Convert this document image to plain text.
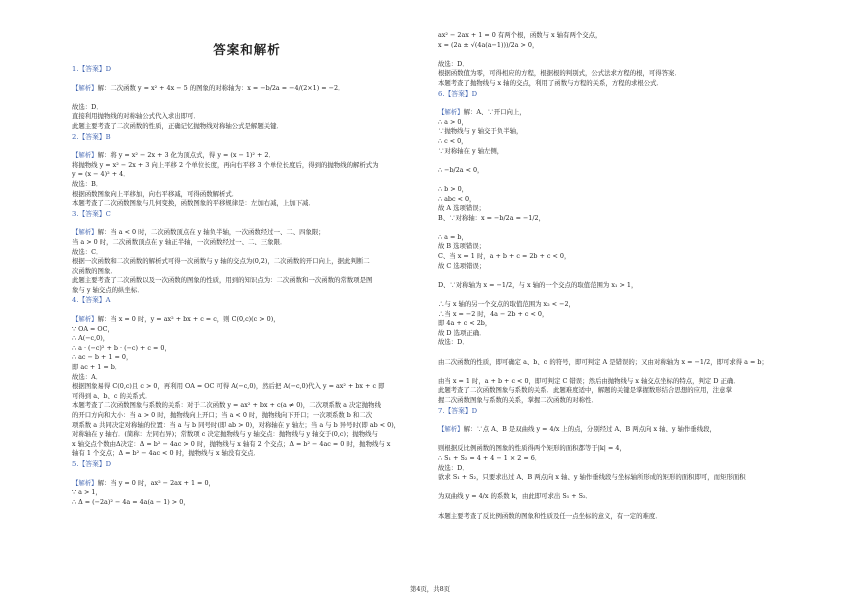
答案和解析
1.【答案】D
【解析】解：二次函数 y = x² + 4x − 5 的图象的对称轴为：x = −b/2a = −4/(2×1) = −2．
故选：D．
直接利用抛物线的对称轴公式代入求出即可．
此题主要考查了二次函数的性质，正确记忆抛物线对称轴公式是解题关键．
2.【答案】B
【解析】解：将 y = x² − 2x + 3 化为顶点式，得 y = (x − 1)² + 2．
将抛物线 y = x² − 2x + 3 向上平移 2 个单位长度，再向右平移 3 个单位长度后，得到的抛物线的解析式为
y = (x − 4)² + 4．
故选：B．
根据函数图象向上平移加，向右平移减，可得函数解析式．
本题考查了二次函数图象与几何变换，函数图象的平移规律是：左加右减，上加下减．
3.【答案】C
【解析】解：当 a < 0 时，二次函数顶点在 y 轴负半轴，一次函数经过一、二、四象限；
当 a > 0 时，二次函数顶点在 y 轴正半轴，一次函数经过一、二、三象限．
故选：C．
根据一次函数和二次函数的解析式可得一次函数与 y 轴的交点为(0,2)，二次函数的开口向上，据此判断二
次函数的图象．
此题主要考查了二次函数以及一次函数的图象的性质，用到的知识点为：二次函数和一次函数的常数项是图
象与 y 轴交点的纵坐标．
4.【答案】A
【解析】解：当 x = 0 时，y = ax² + bx + c = c，则 C(0,c)(c > 0)，
∵ OA = OC，
∴ A(−c,0)，
∴ a · (−c)² + b · (−c) + c = 0，
∴ ac − b + 1 = 0，
即 ac + 1 = b．
故选：A．
根据图象易得 C(0,c)且 c > 0，再利用 OA = OC 可得 A(−c,0)，然后把 A(−c,0)代入 y = ax² + bx + c 即
可得到 a、b、c 的关系式．
本题考查了二次函数图象与系数的关系：对于二次函数 y = ax² + bx + c(a ≠ 0)，二次项系数 a 决定抛物线
的开口方向和大小：当 a > 0 时，抛物线向上开口；当 a < 0 时，抛物线向下开口；一次项系数 b 和二次
项系数 a 共同决定对称轴的位置：当 a 与 b 同号时(即 ab > 0)，对称轴在 y 轴左；当 a 与 b 异号时(即 ab < 0)，
对称轴在 y 轴右．(简称：左同右异)；常数项 c 决定抛物线与 y 轴交点：抛物线与 y 轴交于(0,c)；抛物线与
x 轴交点个数由Δ决定：Δ = b² − 4ac > 0 时，抛物线与 x 轴有 2 个交点；Δ = b² − 4ac = 0 时，抛物线与 x
轴有 1 个交点；Δ = b² − 4ac < 0 时，抛物线与 x 轴没有交点．
5.【答案】D
【解析】解：当 y = 0 时，ax² − 2ax + 1 = 0，
∵ a > 1，
∴ Δ = (−2a)² − 4a = 4a(a − 1) > 0，
ax² − 2ax + 1 = 0 有两个根，函数与 x 轴有两个交点，
x = (2a ± √(4a(a−1)))/2a > 0，
故选：D．
根据函数值为零，可得相应的方程，根据根的判别式，公式法求方程的根，可得答案．
本题考查了抛物线与 x 轴的交点，利用了函数与方程的关系，方程的求根公式．
6.【答案】D
【解析】解：A、∵开口向上，
∴ a > 0，
∵抛物线与 y 轴交于负半轴，
∴ c < 0，
∵对称轴在 y 轴左侧，
∴ −b/2a < 0，
∴ b > 0，
∴ abc < 0，
故 A 选项错误；
B、∵对称轴：x = −b/2a = −1/2，
∴ a = b，
故 B 选项错误；
C、当 x = 1 时，a + b + c = 2b + c < 0，
故 C 选项错误；
D、∵对称轴为 x = −1/2，与 x 轴的一个交点的取值范围为 x₁ > 1，
∴与 x 轴的另一个交点的取值范围为 x₂ < −2，
∴当 x = −2 时，4a − 2b + c < 0，
即 4a + c < 2b，
故 D 选项正确．
故选：D．
由二次函数的性质，即可确定 a、b、c 的符号，即可判定 A 是错误的；又由对称轴为 x = −1/2，即可求得 a = b；
由当 x = 1 时，a + b + c < 0，即可判定 C 错误；然后由抛物线与 x 轴交点坐标的特点，判定 D 正确．
此题考查了二次函数图象与系数的关系．此题难度适中，解题的关键是掌握数形结合思想的应用，注意掌
握二次函数图象与系数的关系，掌握二次函数的对称性．
7.【答案】D
【解析】解：∵点 A、B 是双曲线 y = 4/x 上的点，分别经过 A、B 两点向 x 轴、y 轴作垂线段，
则根据反比例函数的图象的性质得两个矩形的面积都等于|k| = 4，
∴ S₁ + S₂ = 4 + 4 − 1 × 2 = 6．
故选：D．
欲求 S₁ + S₂，只要求出过 A、B 两点向 x 轴、y 轴作垂线段与坐标轴所形成的矩形的面积即可，而矩形面积
为双曲线 y = 4/x 的系数 k，由此即可求出 S₁ + S₂．
本题主要考查了反比例函数的图象和性质及任一点坐标的意义，有一定的难度．
第4页，共8页
